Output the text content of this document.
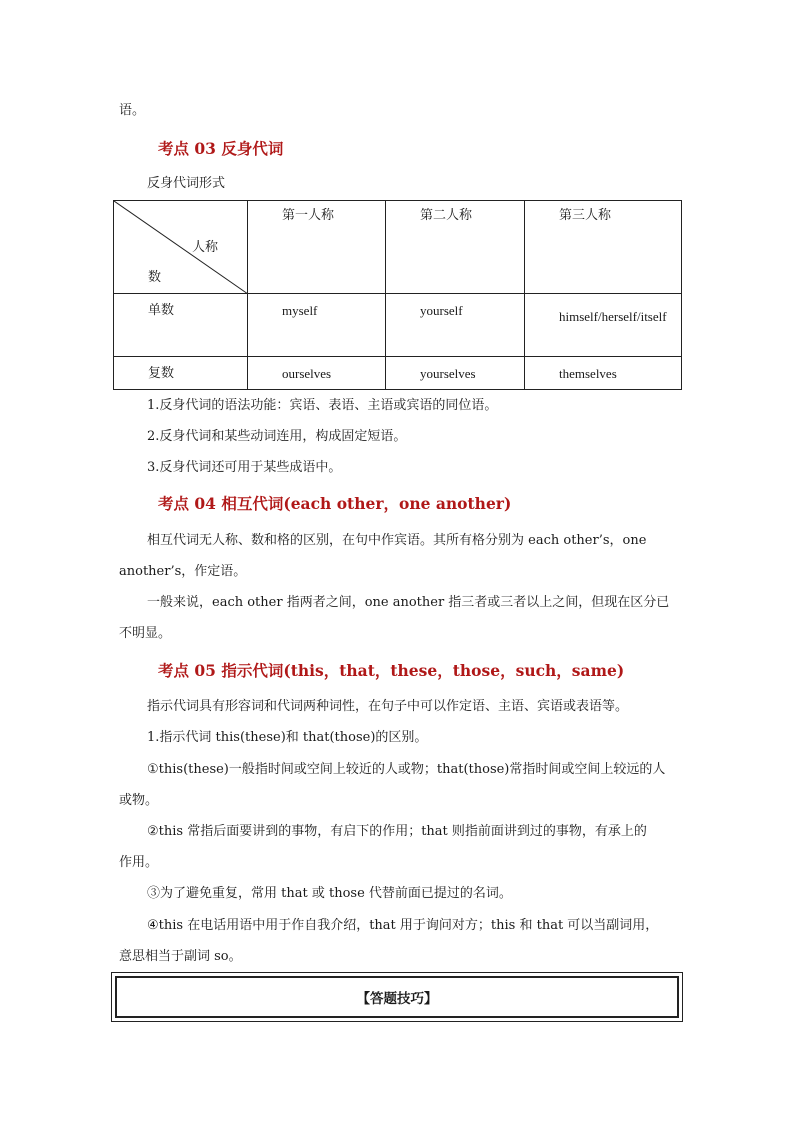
语。
考点 03 反身代词
反身代词形式
人称
数	第一人称	第二人称	第三人称
单数	myself	yourself	himself/herself/itself
复数	ourselves	yourselves	themselves
1.反身代词的语法功能：宾语、表语、主语或宾语的同位语。
2.反身代词和某些动词连用，构成固定短语。
3.反身代词还可用于某些成语中。
考点 04 相互代词(each other，one another)
相互代词无人称、数和格的区别，在句中作宾语。其所有格分别为 each other’s，one
another’s，作定语。
一般来说，each other 指两者之间，one another 指三者或三者以上之间，但现在区分已
不明显。
考点 05 指示代词(this，that，these，those，such，same)
指示代词具有形容词和代词两种词性，在句子中可以作定语、主语、宾语或表语等。
1.指示代词 this(these)和 that(those)的区别。
①this(these)一般指时间或空间上较近的人或物；that(those)常指时间或空间上较远的人
或物。
②this 常指后面要讲到的事物，有启下的作用；that 则指前面讲到过的事物，有承上的
作用。
③为了避免重复，常用 that 或 those 代替前面已提过的名词。
④this 在电话用语中用于作自我介绍，that 用于询问对方；this 和 that 可以当副词用，
意思相当于副词 so。
【答题技巧】
